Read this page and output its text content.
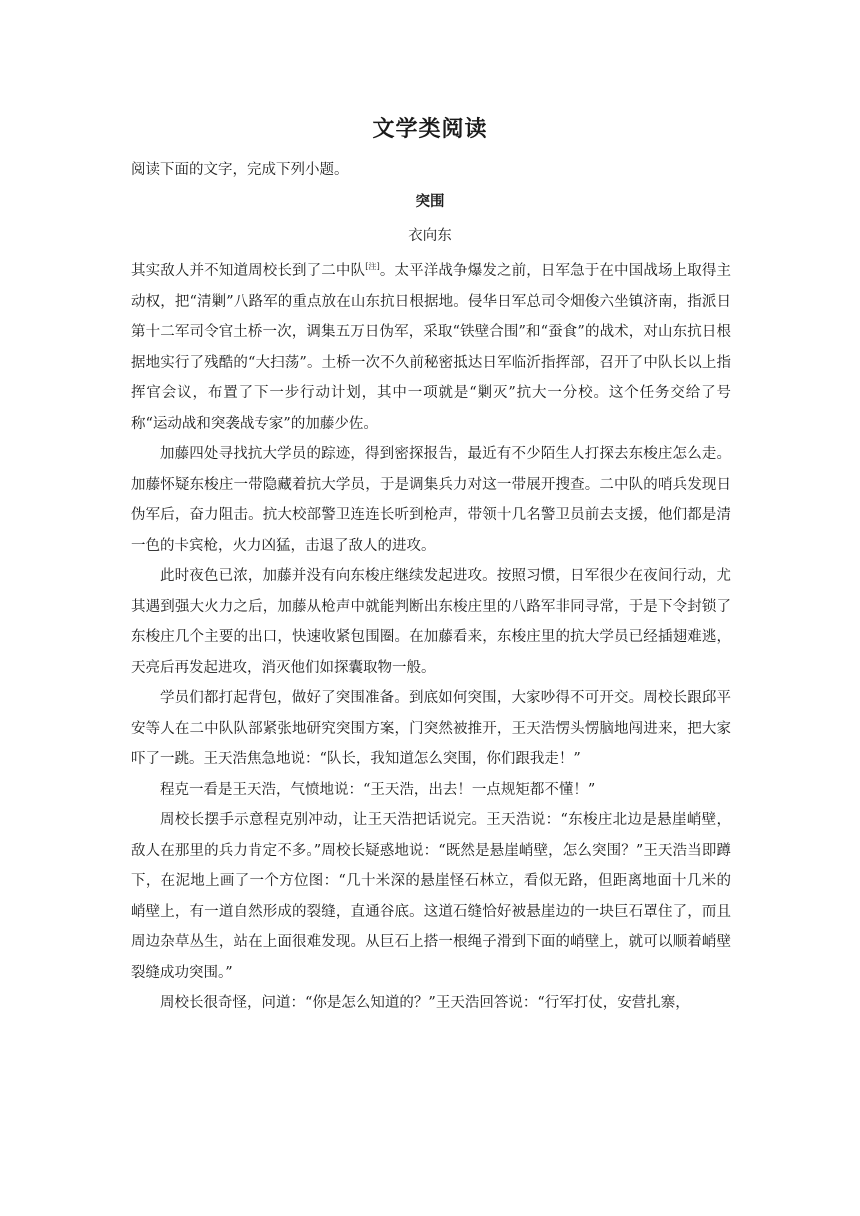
文学类阅读
阅读下面的文字，完成下列小题。
突围
衣向东

其实敌人并不知道周校长到了二中队[注]。太平洋战争爆发之前，日军急于在中国战场上取得主动权，把“清剿”八路军的重点放在山东抗日根据地。侵华日军总司令畑俊六坐镇济南，指派日第十二军司令官土桥一次，调集五万日伪军，采取“铁壁合围”和“蚕食”的战术，对山东抗日根据地实行了残酷的“大扫荡”。土桥一次不久前秘密抵达日军临沂指挥部，召开了中队长以上指挥官会议，布置了下一步行动计划，其中一项就是“剿灭”抗大一分校。这个任务交给了号称“运动战和突袭战专家”的加藤少佐。

加藤四处寻找抗大学员的踪迹，得到密探报告，最近有不少陌生人打探去东梭庄怎么走。加藤怀疑东梭庄一带隐藏着抗大学员，于是调集兵力对这一带展开搜查。二中队的哨兵发现日伪军后，奋力阻击。抗大校部警卫连连长听到枪声，带领十几名警卫员前去支援，他们都是清一色的卡宾枪，火力凶猛，击退了敌人的进攻。

此时夜色已浓，加藤并没有向东梭庄继续发起进攻。按照习惯，日军很少在夜间行动，尤其遇到强大火力之后，加藤从枪声中就能判断出东梭庄里的八路军非同寻常，于是下令封锁了东梭庄几个主要的出口，快速收紧包围圈。在加藤看来，东梭庄里的抗大学员已经插翅难逃，天亮后再发起进攻，消灭他们如探囊取物一般。

学员们都打起背包，做好了突围准备。到底如何突围，大家吵得不可开交。周校长跟邱平安等人在二中队队部紧张地研究突围方案，门突然被推开，王天浩愣头愣脑地闯进来，把大家吓了一跳。王天浩焦急地说：“队长，我知道怎么突围，你们跟我走！”

程克一看是王天浩，气愤地说：“王天浩，出去！一点规矩都不懂！”

周校长摆手示意程克别冲动，让王天浩把话说完。王天浩说：“东梭庄北边是悬崖峭壁，敌人在那里的兵力肯定不多。”周校长疑惑地说：“既然是悬崖峭壁，怎么突围？”王天浩当即蹲下，在泥地上画了一个方位图：“几十米深的悬崖怪石林立，看似无路，但距离地面十几米的峭壁上，有一道自然形成的裂缝，直通谷底。这道石缝恰好被悬崖边的一块巨石罩住了，而且周边杂草丛生，站在上面很难发现。从巨石上搭一根绳子滑到下面的峭壁上，就可以顺着峭壁裂缝成功突围。”

周校长很奇怪，问道：“你是怎么知道的？”王天浩回答说：“行军打仗，安营扎寨，
